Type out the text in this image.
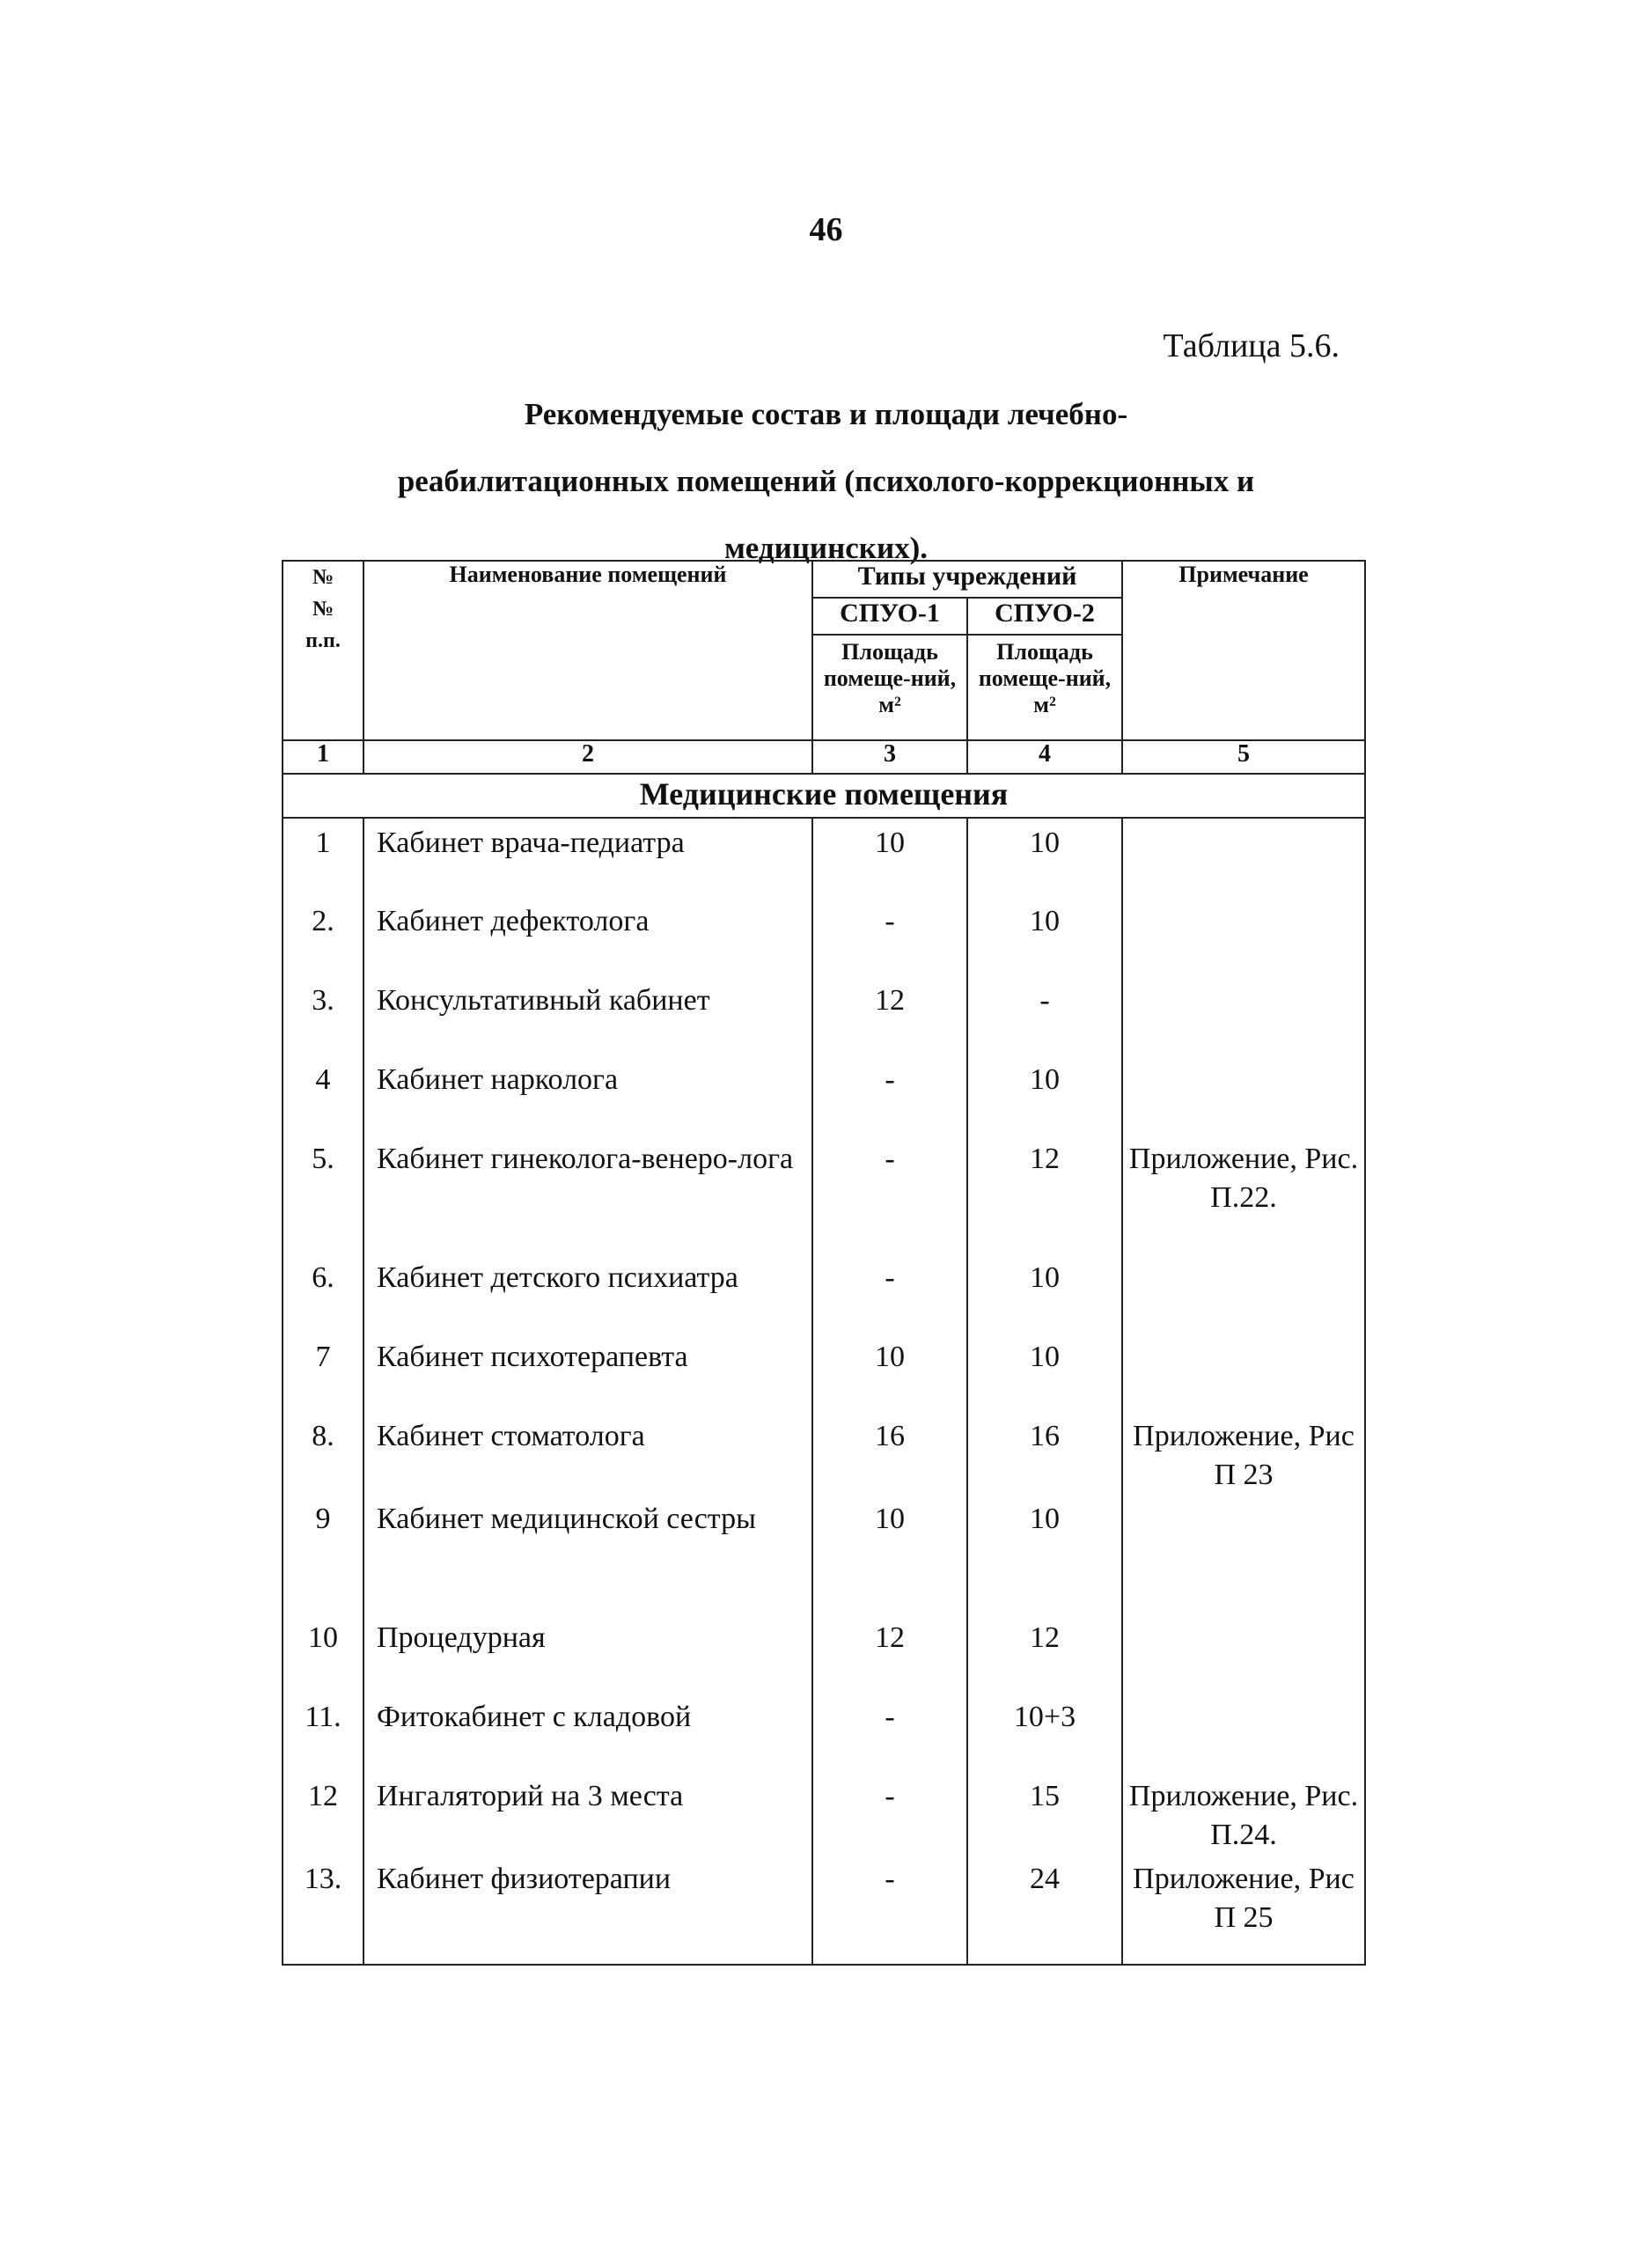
46
Таблица 5.6.
Рекомендуемые состав и площади лечебно-
реабилитационных помещений (психолого-коррекционных и
медицинских).
№
№
п.п.	Наименование помещений	Типы учреждений		Примечание
		СПУО-1	СПУО-2	
		Площадь помеще-ний, м²	Площадь помеще-ний, м²	
1	2	3	4	5
Медицинские помещения				
1	Кабинет врача-педиатра	10	10	
2.	Кабинет дефектолога	-	10	
3.	Консультативный кабинет	12	-	
4	Кабинет нарколога	-	10	
5.	Кабинет гинеколога-венеро-лога	-	12	Приложение, Рис. П.22.
6.	Кабинет детского психиатра	-	10	
7	Кабинет психотерапевта	10	10	
8.	Кабинет стоматолога	16	16	Приложение, Рис П 23
9	Кабинет медицинской сестры	10	10	
10	Процедурная	12	12	
11.	Фитокабинет с кладовой	-	10+3	
12	Ингаляторий на 3 места	-	15	Приложение, Рис. П.24.
13.	Кабинет физиотерапии	-	24	Приложение, Рис П 25
